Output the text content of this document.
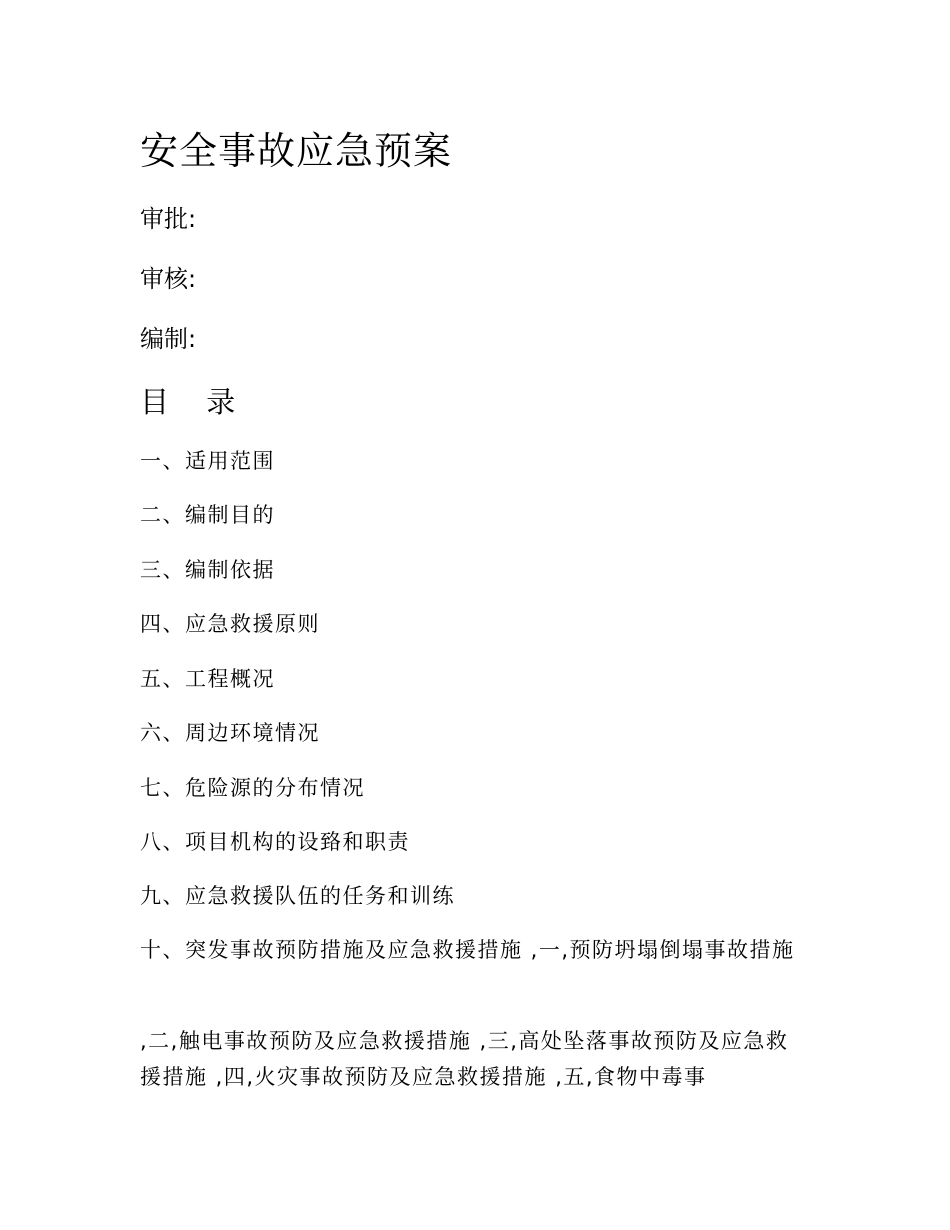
安全事故应急预案
审批:
审核:
编制:
目 录
一、适用范围
二、编制目的
三、编制依据
四、应急救援原则
五、工程概况
六、周边环境情况
七、危险源的分布情况
八、项目机构的设臵和职责
九、应急救援队伍的任务和训练
十、突发事故预防措施及应急救援措施 ,一,预防坍塌倒塌事故措施
,二,触电事故预防及应急救援措施 ,三,高处坠落事故预防及应急救援措施 ,四,火灾事故预防及应急救援措施 ,五,食物中毒事
